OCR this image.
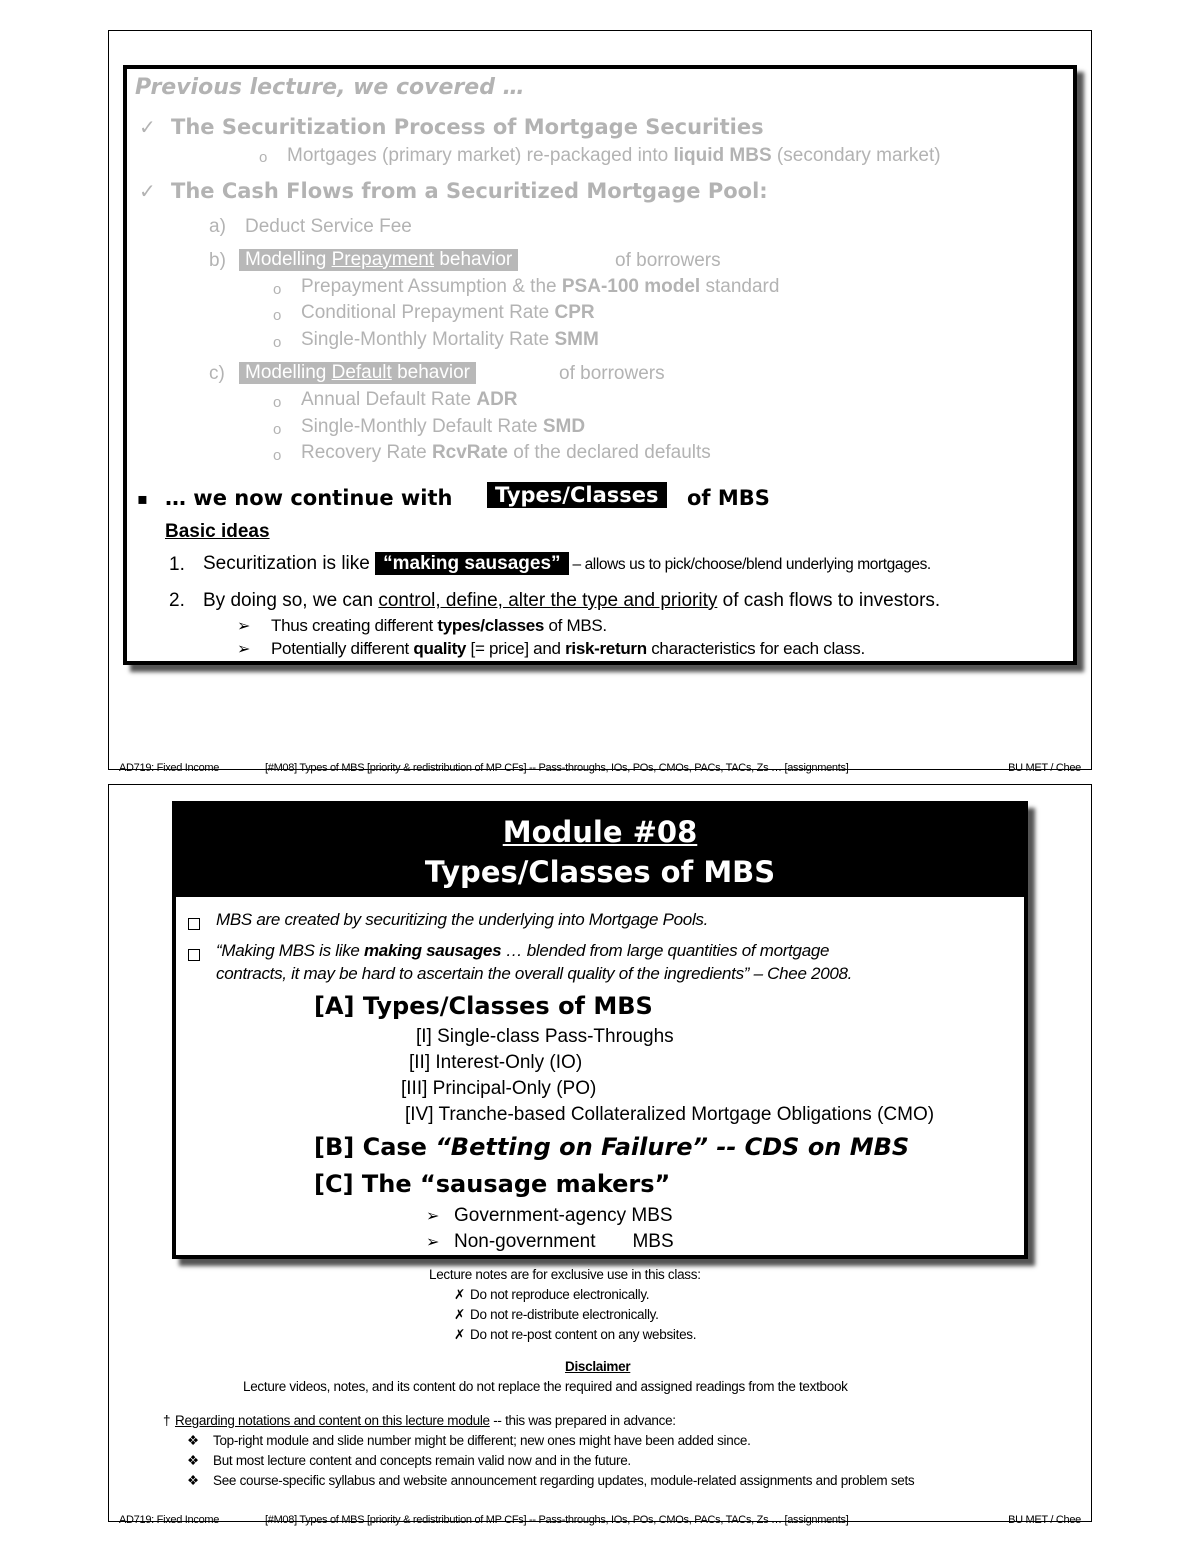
Previous lecture, we covered …
✓ The Securitization Process of Mortgage Securities
o Mortgages (primary market) re-packaged into liquid MBS (secondary market)
✓ The Cash Flows from a Securitized Mortgage Pool:
a) Deduct Service Fee
b)	Modelling Prepayment behavior	of borrowers
o Prepayment Assumption & the PSA-100 model standard
o Conditional Prepayment Rate CPR
o Single-Monthly Mortality Rate SMM
c)	Modelling Default behavior	of borrowers
o Annual Default Rate ADR
o Single-Monthly Default Rate SMD
o Recovery Rate RcvRate of the declared defaults
▪ … we now continue with	Types/Classes	of MBS
Basic ideas
1. Securitization is like “making sausages” – allows us to pick/choose/blend underlying mortgages.
2. By doing so, we can control, define, alter the type and priority of cash flows to investors.
➢ Thus creating different types/classes of MBS.
➢ Potentially different quality [= price] and risk-return characteristics for each class.
AD719: Fixed Income	[#M08] Types of MBS [priority & redistribution of MP CFs] -- Pass-throughs, IOs, POs, CMOs, PACs, TACs, Zs … [assignments]	BU MET / Chee
Module #08
Types/Classes of MBS
MBS are created by securitizing the underlying into Mortgage Pools.
“Making MBS is like making sausages … blended from large quantities of mortgage
contracts, it may be hard to ascertain the overall quality of the ingredients” – Chee 2008.
[A] Types/Classes of MBS
[I] Single-class Pass-Throughs
[II] Interest-Only (IO)
[III] Principal-Only (PO)
[IV] Tranche-based Collateralized Mortgage Obligations (CMO)
[B] Case “Betting on Failure” -- CDS on MBS
[C] The “sausage makers”
➢ Government-agency MBS
➢ Non-government       MBS
Lecture notes are for exclusive use in this class:
✗ Do not reproduce electronically.
✗ Do not re-distribute electronically.
✗ Do not re-post content on any websites.
Disclaimer
Lecture videos, notes, and its content do not replace the required and assigned readings from the textbook
† Regarding notations and content on this lecture module -- this was prepared in advance:
❖ Top-right module and slide number might be different; new ones might have been added since.
❖ But most lecture content and concepts remain valid now and in the future.
❖ See course-specific syllabus and website announcement regarding updates, module-related assignments and problem sets
AD719: Fixed Income	[#M08] Types of MBS [priority & redistribution of MP CFs] -- Pass-throughs, IOs, POs, CMOs, PACs, TACs, Zs … [assignments]	BU MET / Chee
